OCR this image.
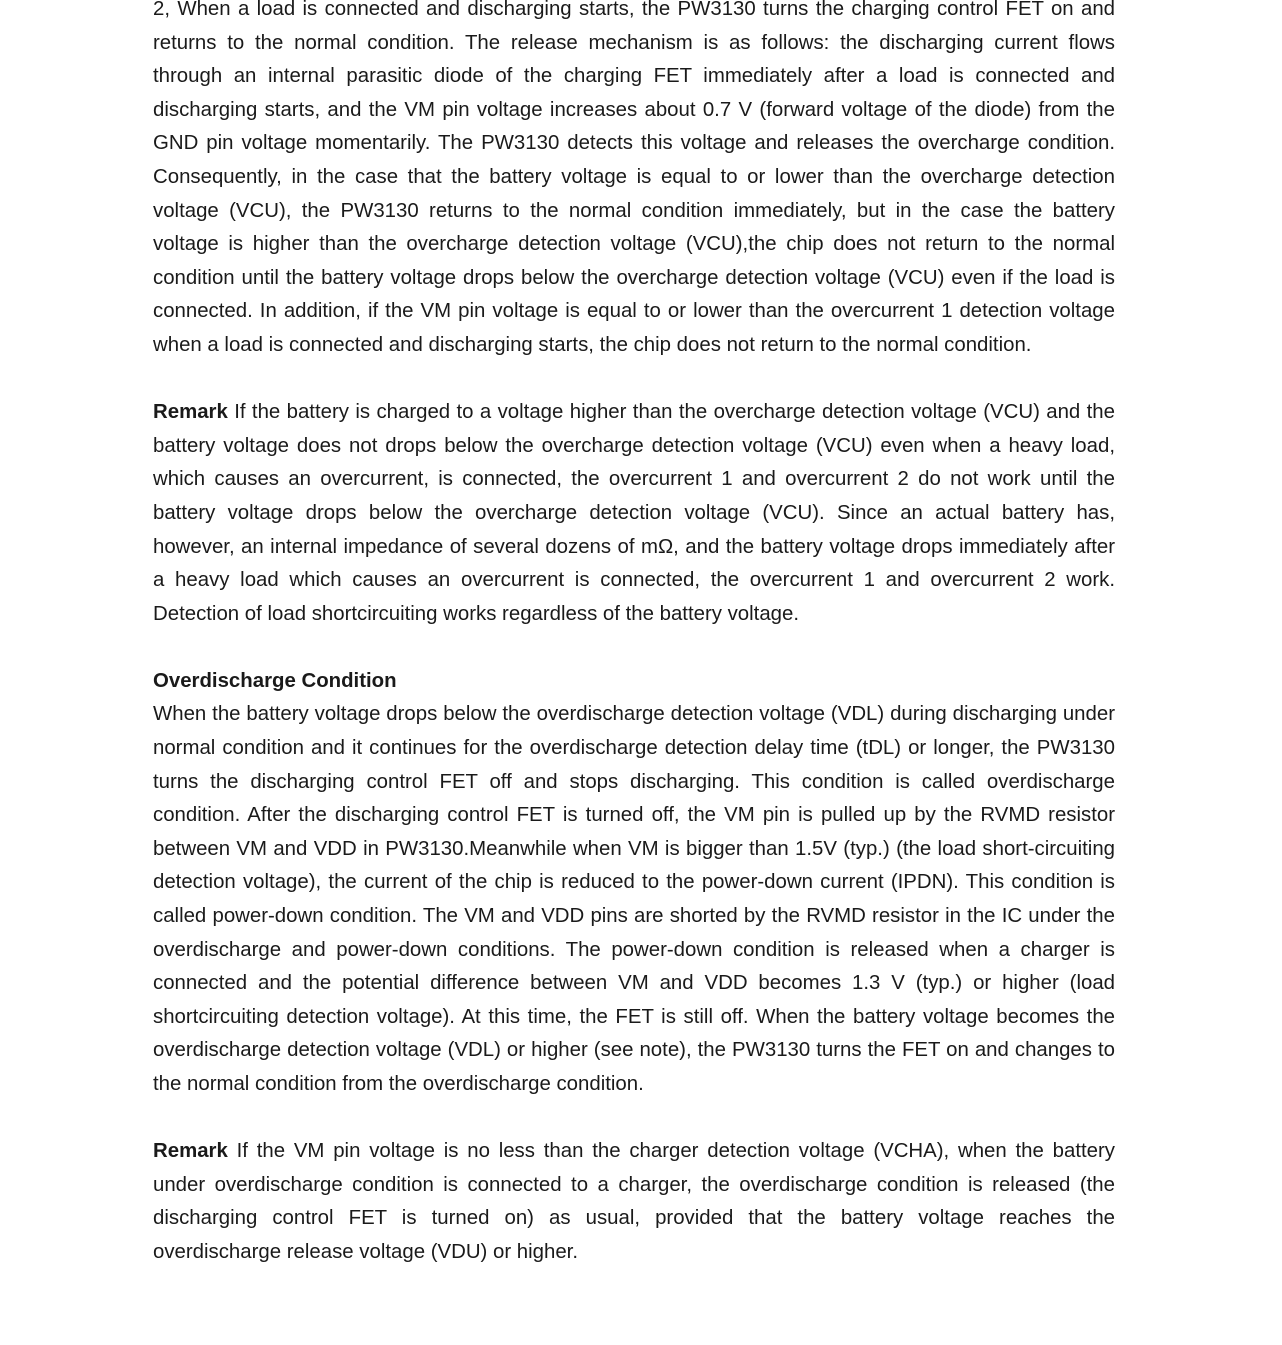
2, When a load is connected and discharging starts, the PW3130 turns the charging control FET on and returns to the normal condition. The release mechanism is as follows: the discharging current flows through an internal parasitic diode of the charging FET immediately after a load is connected and discharging starts, and the VM pin voltage increases about 0.7 V (forward voltage of the diode) from the GND pin voltage momentarily. The PW3130 detects this voltage and releases the overcharge condition. Consequently, in the case that the battery voltage is equal to or lower than the overcharge detection voltage (VCU), the PW3130 returns to the normal condition immediately, but in the case the battery voltage is higher than the overcharge detection voltage (VCU),the chip does not return to the normal condition until the battery voltage drops below the overcharge detection voltage (VCU) even if the load is connected. In addition, if the VM pin voltage is equal to or lower than the overcurrent 1 detection voltage when a load is connected and discharging starts, the chip does not return to the normal condition.

Remark If the battery is charged to a voltage higher than the overcharge detection voltage (VCU) and the battery voltage does not drops below the overcharge detection voltage (VCU) even when a heavy load, which causes an overcurrent, is connected, the overcurrent 1 and overcurrent 2 do not work until the battery voltage drops below the overcharge detection voltage (VCU). Since an actual battery has, however, an internal impedance of several dozens of mΩ, and the battery voltage drops immediately after a heavy load which causes an overcurrent is connected, the overcurrent 1 and overcurrent 2 work. Detection of load shortcircuiting works regardless of the battery voltage.

Overdischarge Condition

When the battery voltage drops below the overdischarge detection voltage (VDL) during discharging under normal condition and it continues for the overdischarge detection delay time (tDL) or longer, the PW3130 turns the discharging control FET off and stops discharging. This condition is called overdischarge condition. After the discharging control FET is turned off, the VM pin is pulled up by the RVMD resistor between VM and VDD in PW3130.Meanwhile when VM is bigger than 1.5V (typ.) (the load short-circuiting detection voltage), the current of the chip is reduced to the power-down current (IPDN). This condition is called power-down condition. The VM and VDD pins are shorted by the RVMD resistor in the IC under the overdischarge and power-down conditions. The power-down condition is released when a charger is connected and the potential difference between VM and VDD becomes 1.3 V (typ.) or higher (load shortcircuiting detection voltage). At this time, the FET is still off. When the battery voltage becomes the overdischarge detection voltage (VDL) or higher (see note), the PW3130 turns the FET on and changes to the normal condition from the overdischarge condition.

Remark If the VM pin voltage is no less than the charger detection voltage (VCHA), when the battery under overdischarge condition is connected to a charger, the overdischarge condition is released (the discharging control FET is turned on) as usual, provided that the battery voltage reaches the overdischarge release voltage (VDU) or higher.
